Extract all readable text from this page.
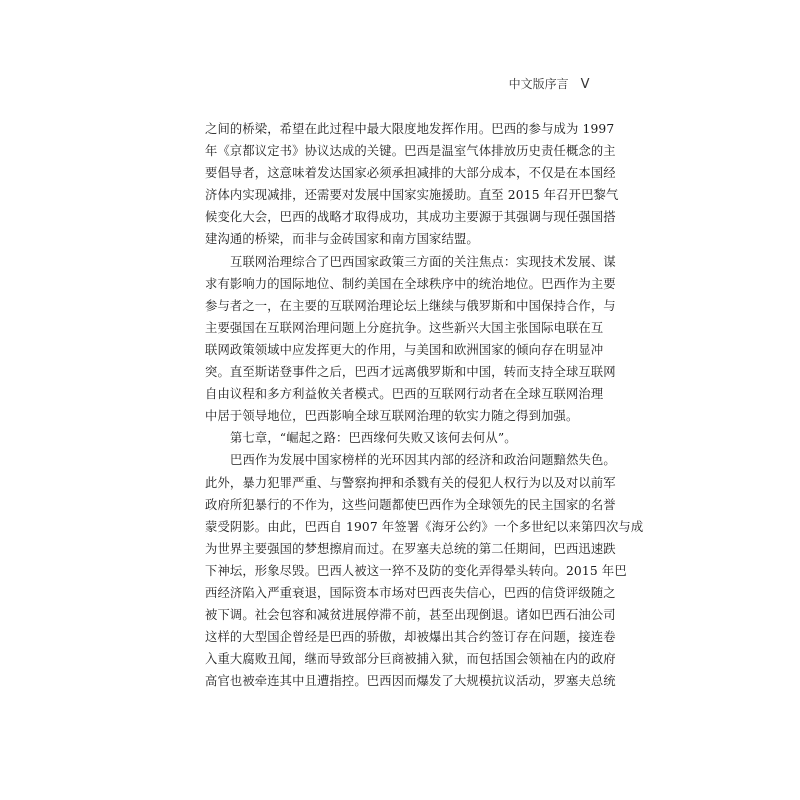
中文版序言 V
之间的桥梁，希望在此过程中最大限度地发挥作用。巴西的参与成为 1997
年《京都议定书》协议达成的关键。巴西是温室气体排放历史责任概念的主
要倡导者，这意味着发达国家必须承担减排的大部分成本，不仅是在本国经
济体内实现减排，还需要对发展中国家实施援助。直至 2015 年召开巴黎气
候变化大会，巴西的战略才取得成功，其成功主要源于其强调与现任强国搭
建沟通的桥梁，而非与金砖国家和南方国家结盟。
互联网治理综合了巴西国家政策三方面的关注焦点：实现技术发展、谋
求有影响力的国际地位、制约美国在全球秩序中的统治地位。巴西作为主要
参与者之一，在主要的互联网治理论坛上继续与俄罗斯和中国保持合作，与
主要强国在互联网治理问题上分庭抗争。这些新兴大国主张国际电联在互
联网政策领域中应发挥更大的作用，与美国和欧洲国家的倾向存在明显冲
突。直至斯诺登事件之后，巴西才远离俄罗斯和中国，转而支持全球互联网
自由议程和多方利益攸关者模式。巴西的互联网行动者在全球互联网治理
中居于领导地位，巴西影响全球互联网治理的软实力随之得到加强。
第七章，“崛起之路：巴西缘何失败又该何去何从”。
巴西作为发展中国家榜样的光环因其内部的经济和政治问题黯然失色。
此外，暴力犯罪严重、与警察拘押和杀戮有关的侵犯人权行为以及对以前军
政府所犯暴行的不作为，这些问题都使巴西作为全球领先的民主国家的名誉
蒙受阴影。由此，巴西自 1907 年签署《海牙公约》一个多世纪以来第四次与成
为世界主要强国的梦想擦肩而过。在罗塞夫总统的第二任期间，巴西迅速跌
下神坛，形象尽毁。巴西人被这一猝不及防的变化弄得晕头转向。2015 年巴
西经济陷入严重衰退，国际资本市场对巴西丧失信心，巴西的信贷评级随之
被下调。社会包容和减贫进展停滞不前，甚至出现倒退。诸如巴西石油公司
这样的大型国企曾经是巴西的骄傲，却被爆出其合约签订存在问题，接连卷
入重大腐败丑闻，继而导致部分巨商被捕入狱，而包括国会领袖在内的政府
高官也被牵连其中且遭指控。巴西因而爆发了大规模抗议活动，罗塞夫总统
